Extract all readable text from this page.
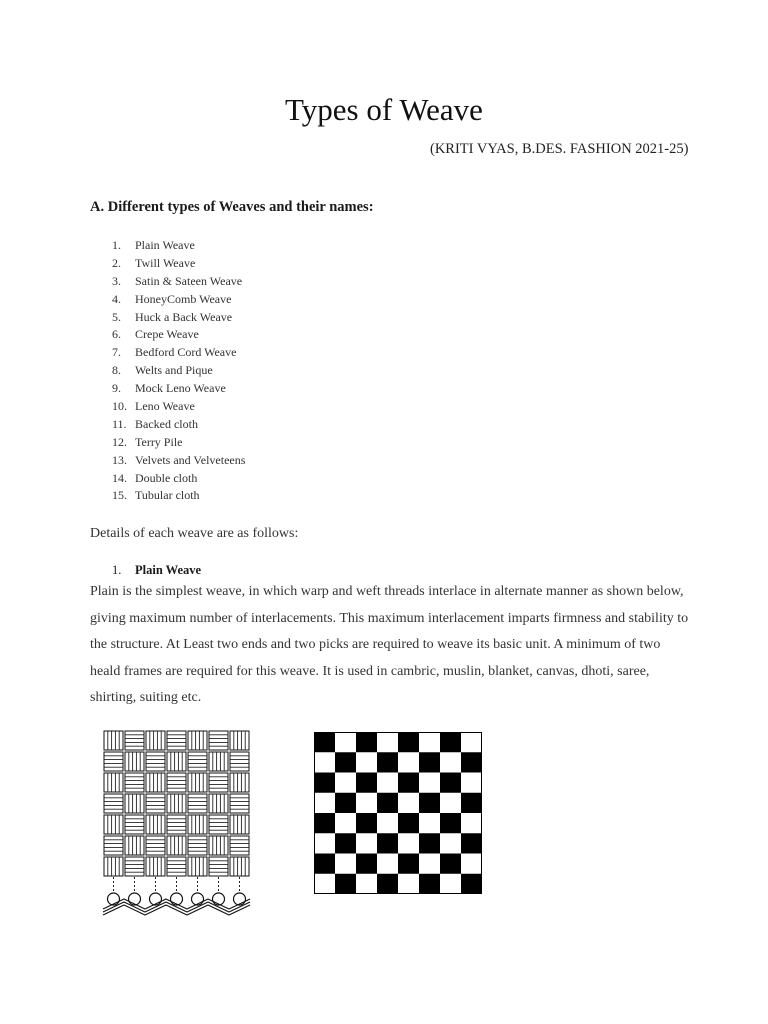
Types of Weave
(KRITI VYAS, B.DES. FASHION 2021-25)
A. Different types of Weaves and their names:
1. Plain Weave
2. Twill Weave
3. Satin & Sateen Weave
4. HoneyComb Weave
5. Huck a Back Weave
6. Crepe Weave
7. Bedford Cord Weave
8. Welts and Pique
9. Mock Leno Weave
10. Leno Weave
11. Backed cloth
12. Terry Pile
13. Velvets and Velveteens
14. Double cloth
15. Tubular cloth
Details of each weave are as follows:
1. Plain Weave

Plain is the simplest weave, in which warp and weft threads interlace in alternate manner as shown below, giving maximum number of interlacements. This maximum interlacement imparts firmness and stability to the structure. At Least two ends and two picks are required to weave its basic unit. A minimum of two heald frames are required for this weave. It is used in cambric, muslin, blanket, canvas, dhoti, saree, shirting, suiting etc.
